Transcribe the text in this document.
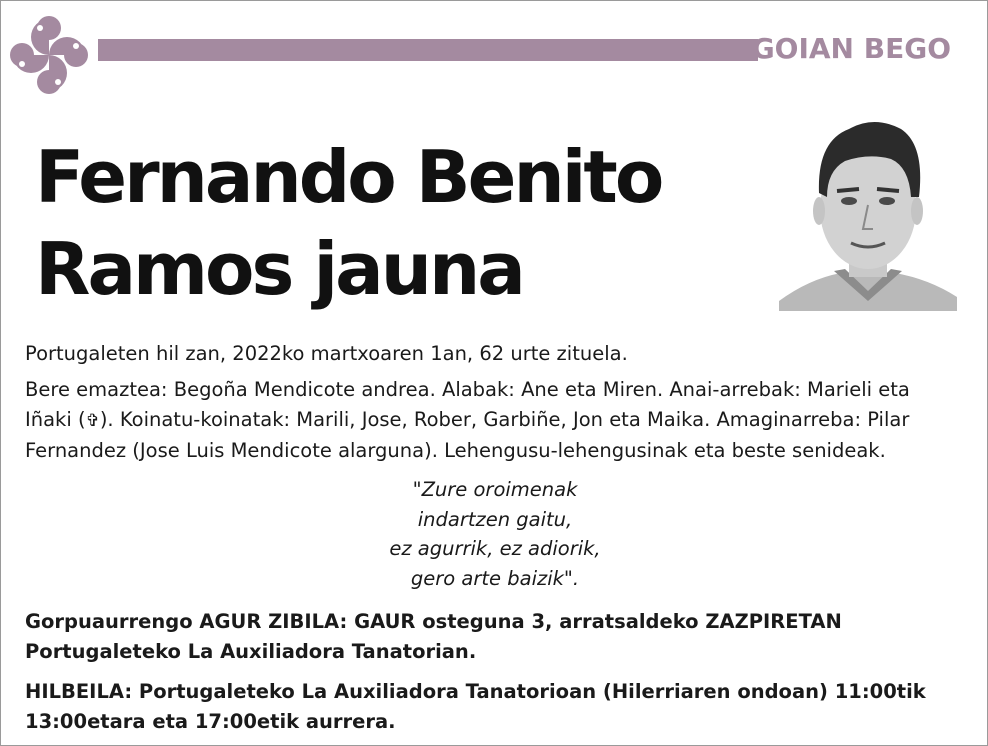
GOIAN BEGO
Fernando Benito
Ramos jauna
Portugaleten hil zan, 2022ko martxoaren 1an, 62 urte zituela.
Bere emaztea: Begoña Mendicote andrea. Alabak: Ane eta Miren. Anai-arrebak: Marieli eta Iñaki (✞). Koinatu-koinatak: Marili, Jose, Rober, Garbiñe, Jon eta Maika. Amaginarreba: Pilar Fernandez (Jose Luis Mendicote alarguna). Lehengusu-lehengusinak eta beste senideak.
"Zure oroimenak
indartzen gaitu,
ez agurrik, ez adiorik,
gero arte baizik".
Gorpuaurrengo AGUR ZIBILA: GAUR osteguna 3, arratsaldeko ZAZPIRETAN Portugaleteko La Auxiliadora Tanatorian.
HILBEILA: Portugaleteko La Auxiliadora Tanatorioan (Hilerriaren ondoan) 11:00tik 13:00etara eta 17:00etik aurrera.
